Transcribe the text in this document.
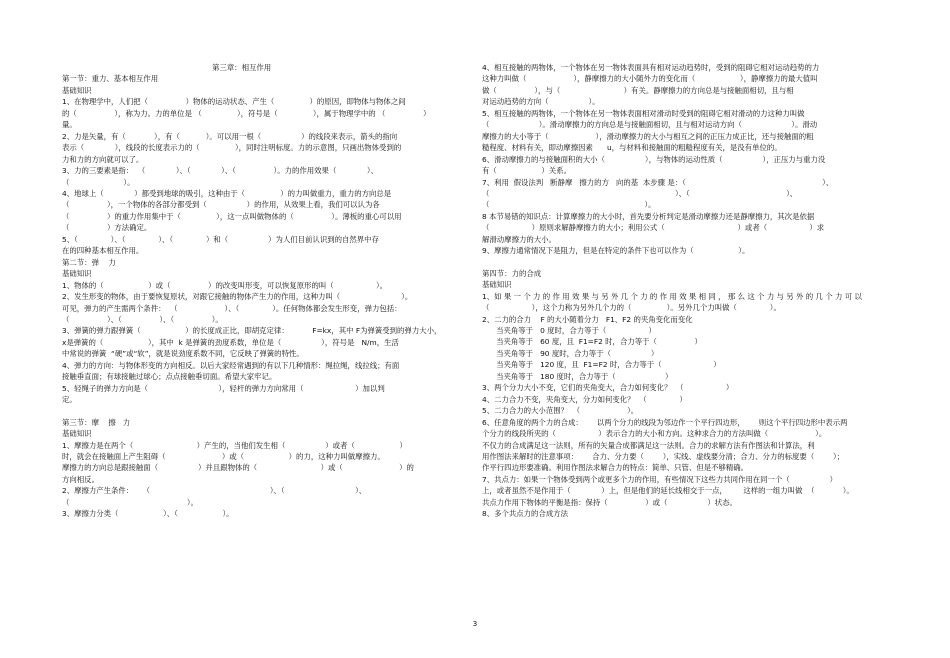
第三章：相互作用
第一节：重力、基本相互作用
基础知识
1、在物理学中，人们把（                ）物体的运动状态、产生（               ）的原因，即物体与物体之间
的（                ），称为力。力的单位是 （               ），符号是（               ），属于物理学中的 （                ）
量。
2、力是矢量，有（            ），有（           ）。可以用一根（                 ）的线段来表示，箭头的指向
表示（             ），线段的长度表示力的（               ），同时注明标度。力的示意图，只画出物体受到的
力和力的方向就可以了。
3、力的三要素是指：  （             ）、（             ）、（                ）。力的作用效果（             ）、
（                       ）。
4、地球上（             ）都受到地球的吸引，这种由于（               ）的力叫做重力，重力的方向总是
（                ），一个物体的各部分都受到（                 ）的作用，从效果上看，我们可以认为各
（                ）的重力作用集中于（               ），这一点叫做物体的（                ）。薄板的重心可以用
（                ）方法确定。
5、（              ）、（              ）、（              ）和（                 ）为人们目前认识到的自然界中存
在的四种基本相互作用。
第二节：弹    力
基础知识
1、物体的（                   ）或（                ）的改变叫形变，可以恢复原形的叫（                  ）。
2、发生形变的物体，由于要恢复原状，对跟它接触的物体产生力的作用，这种力叫（                          ）。
可见，弹力的产生需两个条件：  （                    ）、（              ）。任何物体都会发生形变，弹力包括：
（                ）、（                ）、（                ）。
3、弹簧的弹力跟弹簧（                   ）的长度成正比，即胡克定律：          F=kx，其中 F为弹簧受到的弹力大小，
x是弹簧的（                   ），其中  k 是弹簧的劲度系数，单位是（                 ），符号是   N/m，生活
中常说的弹簧  “硬”或“软”，就是说劲度系数不同，它反映了弹簧的特性。
4、弹力的方向：与物体形变的方向相反。以后大家经常遇到的有以下几种情形：绳拉绳，线拉线；有面
接触垂直面；有球接触过球心；点点接触垂切面。希望大家牢记。
5、轻绳子的弹力方向是（                              ），轻杆的弹力方向常用（                      ）加以判
定。
第三节：摩    擦   力
基础知识
1、摩擦力是在两个（                           ）产生的，当他们发生相（                 ）或者（                   ）
时，就会在接触面上产生阻碍（                        ）或（                   ）的力，这种力叫做摩擦力。
摩擦力的方向总是跟接触面（                 ）并且跟物体的（                           ）或（                        ）的
方向相反。
2、摩擦力产生条件：    （                                                   ）、（                              ）、
（                                                  ）。
3、摩擦力分类（                   ）、（                   ）。
4、相互接触的两物体，一个物体在另一物体表面具有相对运动趋势时，受到的阻碍它相对运动趋势的力
这种力叫做（                    ），静摩擦力的大小随外力的变化而（                   ），静摩擦力的最大值叫
做（                ），与（                           ）有关。静摩擦力的方向总是与接触面相切，且与相
对运动趋势的方向（                 ）。
5、相互接触的两物体，一个物体在另一物体表面相对滑动时受到的阻碍它相对滑动的力这种力叫做
（                     ）。滑动摩擦力的方向总是与接触面相切，且与相对运动方向（                     ）。滑动
摩擦力的大小等于（                    ），滑动摩擦力的大小与相互之间的正压力成正比，还与接触面的粗
糙程度、材料有关，即动摩擦因素      u，与材料和接触面的粗糙程度有关，是没有单位的。
6、滑动摩擦力的与接触面积的大小（                 ），与物体的运动性质（                 ），正压力与重力没
有（                   ）关系。
7、利用  假设法判   断静摩   擦力的方   向的基  本步骤 是：（                                                          ）、
（                                                                               ）、（                                         ）、
（                                                                  ）。
8 本节易错的知识点：计算摩擦力的大小时，首先要分析判定是滑动摩擦力还是静摩擦力，其次是依据
（                  ）原则求解静摩擦力的大小；利用公式（                               ）或者（                  ）求
解滑动摩擦力的大小。
9、摩擦力通常情况下是阻力，但是在特定的条件下也可以作为（                   ）。
第四节：力的合成
基础知识
1、如 果 一 个 力 的 作 用 效 果 与 另 外 几 个 力 的 作 用 效 果 相 同 ， 那 么 这 个 力 与 另 外 的 几 个 力 可 以
（                  ），这个力称为另外几个力的（               ）。另外几个力叫做（              ）。
2、二力的合力    F 的大小随着分力   F1、F2 的夹角变化而变化
当夹角等于   0 度时，合力等于（                  ）
当夹角等于   60 度，且  F1=F2 时，合力等于（                ）
当夹角等于   90 度时，合力等于（                 ）
当夹角等于   120 度，且  F1=F2 时，合力等于（                      ）
当夹角等于   180 度时，合力等于（                     ）
3、两个分力大小不变，它们的夹角变大，合力如何变化？  （                  ）
4、二力合力不变，夹角变大，分力如何变化？  （              ）
5、二力合力的大小范围？  （                    ）。
6、任意角度的两个力的合成：      以两个分力的线段为邻边作一个平行四边形，      则这个平行四边形中表示两
个分力的线段所夹的（                  ）表示合力的大小和方向。这种求合力的方法叫做（                    ）。
不仅力的合成满足这一法则，所有的矢量合成都满足这一法则。合力的求解方法有作图法和计算法，利
用作图法来解时的注意事项：      合力、分力要（        ），实线、虚线要分清；合力、分力的标度要（        ）；
作平行四边形要准确。利用作图法求解合力的特点：简单、只管、但是不够精确。
7、共点力：如果一个物体受到两个或更多个力的作用，有些情况下这些力共同作用在同一个（                 ）
上，或者虽然不是作用于（             ）上，但是他们的延长线相交于一点，       这样的一组力叫做  （            ）。
共点力作用下物体的平衡是指：保持（                ）或（                 ）状态。
8、多个共点力的合成方法
3
